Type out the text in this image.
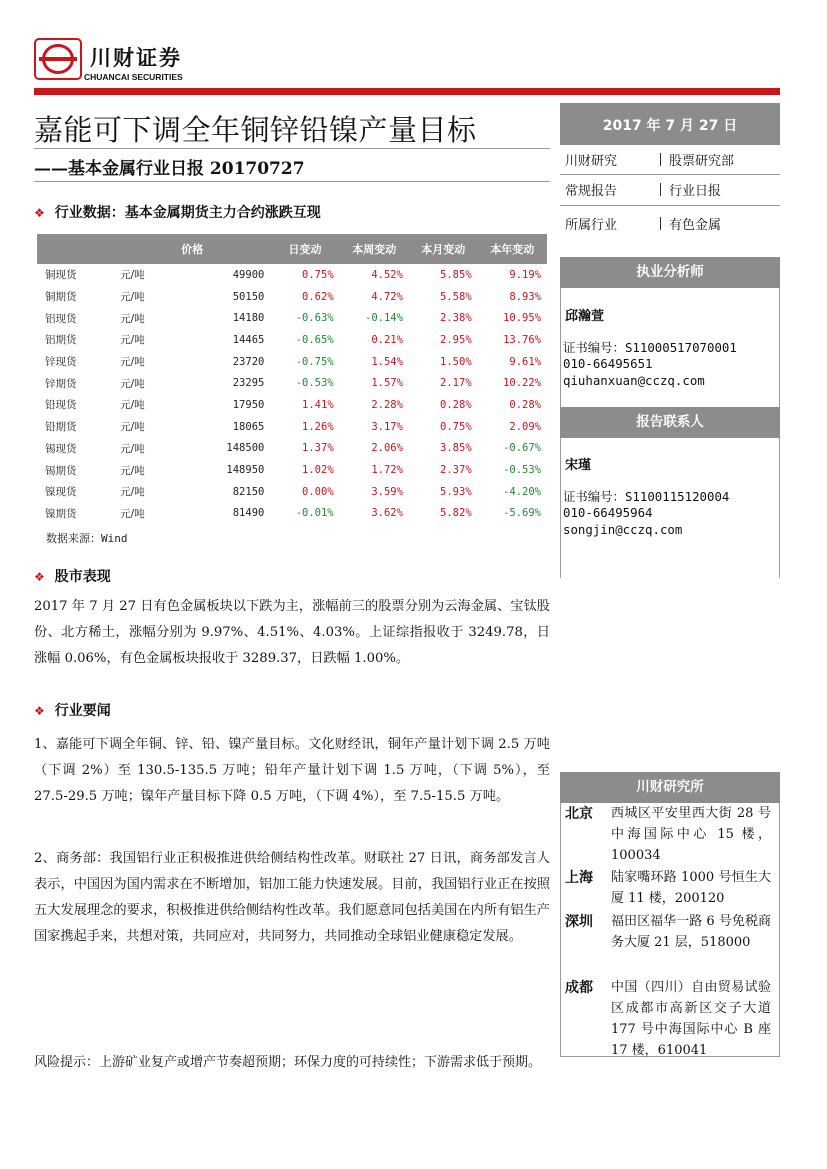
川财证券
CHUANCAI SECURITIES
嘉能可下调全年铜锌铅镍产量目标
——基本金属行业日报 20170727
❖ 行业数据：基本金属期货主力合约涨跌互现
		价格	日变动	本周变动	本月变动	本年变动
铜现货	元/吨	49900	0.75%	4.52%	5.85%	9.19%
铜期货	元/吨	50150	0.62%	4.72%	5.58%	8.93%
铝现货	元/吨	14180	-0.63%	-0.14%	2.38%	10.95%
铝期货	元/吨	14465	-0.65%	0.21%	2.95%	13.76%
锌现货	元/吨	23720	-0.75%	1.54%	1.50%	9.61%
锌期货	元/吨	23295	-0.53%	1.57%	2.17%	10.22%
铅现货	元/吨	17950	1.41%	2.28%	0.28%	0.28%
铅期货	元/吨	18065	1.26%	3.17%	0.75%	2.09%
锡现货	元/吨	148500	1.37%	2.06%	3.85%	-0.67%
锡期货	元/吨	148950	1.02%	1.72%	2.37%	-0.53%
镍现货	元/吨	82150	0.00%	3.59%	5.93%	-4.20%
镍期货	元/吨	81490	-0.01%	3.62%	5.82%	-5.69%
数据来源：Wind
❖ 股市表现
2017 年 7 月 27 日有色金属板块以下跌为主，涨幅前三的股票分别为云海金属、宝钛股份、北方稀土，涨幅分别为 9.97%、4.51%、4.03%。上证综指报收于 3249.78，日涨幅 0.06%，有色金属板块报收于 3289.37，日跌幅 1.00%。
❖ 行业要闻
1、嘉能可下调全年铜、锌、铅、镍产量目标。文化财经讯，铜年产量计划下调 2.5 万吨（下调 2%）至 130.5-135.5 万吨；铅年产量计划下调 1.5 万吨，（下调 5%），至 27.5-29.5 万吨；镍年产量目标下降 0.5 万吨，（下调 4%），至 7.5-15.5 万吨。
2、商务部：我国铝行业正积极推进供给侧结构性改革。财联社 27 日讯，商务部发言人表示，中国因为国内需求在不断增加，铝加工能力快速发展。目前，我国铝行业正在按照五大发展理念的要求，积极推进供给侧结构性改革。我们愿意同包括美国在内所有铝生产国家携起手来，共想对策，共同应对，共同努力，共同推动全球铝业健康稳定发展。
风险提示：上游矿业复产或增产节奏超预期；环保力度的可持续性；下游需求低于预期。
2017 年 7 月 27 日
川财研究	股票研究部
常规报告	行业日报
所属行业	有色金属
执业分析师
邱瀚萱
证书编号：S1100051707000​1
010-66495651
qiuhanxuan@cczq.com
报告联系人
宋瑾
证书编号：S1100115120004
010-66495964
songjin@cczq.com
川财研究所
北京 西城区平安里西大街 28 号中海国际中心 15 楼，100034
上海 陆家嘴环路 1000 号恒生大厦 11 楼，200120
深圳 福田区福华一路 6 号免税商务大厦 21 层，518000
成都 中国（四川）自由贸易试验区成都市高新区交子大道 177 号中海国际中心 B 座 17 楼，610041
